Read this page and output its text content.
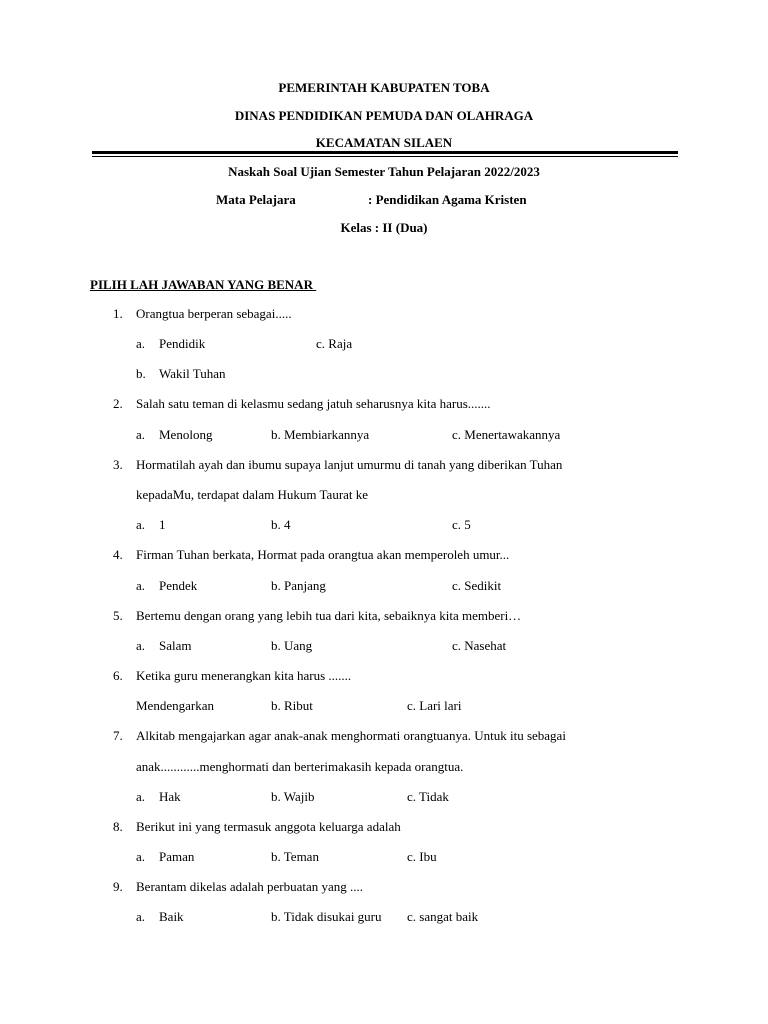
PEMERINTAH KABUPATEN TOBA
DINAS PENDIDIKAN PEMUDA DAN OLAHRAGA
KECAMATAN SILAEN
Naskah Soal Ujian Semester Tahun Pelajaran 2022/2023
Mata Pelajara	: Pendidikan Agama Kristen
Kelas : II (Dua)
PILIH LAH JAWABAN YANG BENAR
1. Orangtua berperan sebagai.....
a. Pendidik	c. Raja
b. Wakil Tuhan
2. Salah satu teman di kelasmu sedang jatuh seharusnya kita harus.......
a. Menolong	b. Membiarkannya	c. Menertawakannya
3. Hormatilah ayah dan ibumu supaya lanjut umurmu di tanah yang diberikan Tuhan
kepadaMu, terdapat dalam Hukum Taurat ke
a. 1	b. 4	c. 5
4. Firman Tuhan berkata, Hormat pada orangtua akan memperoleh umur...
a. Pendek	b. Panjang	c. Sedikit
5. Bertemu dengan orang yang lebih tua dari kita, sebaiknya kita memberi…
a. Salam	b. Uang	c. Nasehat
6. Ketika guru menerangkan kita harus .......
Mendengarkan	b. Ribut	c. Lari lari
7. Alkitab mengajarkan agar anak-anak menghormati orangtuanya. Untuk itu sebagai
anak............menghormati dan berterimakasih kepada orangtua.
a. Hak	b. Wajib	c. Tidak
8. Berikut ini yang termasuk anggota keluarga adalah
a. Paman	b. Teman	c. Ibu
9. Berantam dikelas adalah perbuatan yang ....
a. Baik	b. Tidak disukai guru c. sangat baik
